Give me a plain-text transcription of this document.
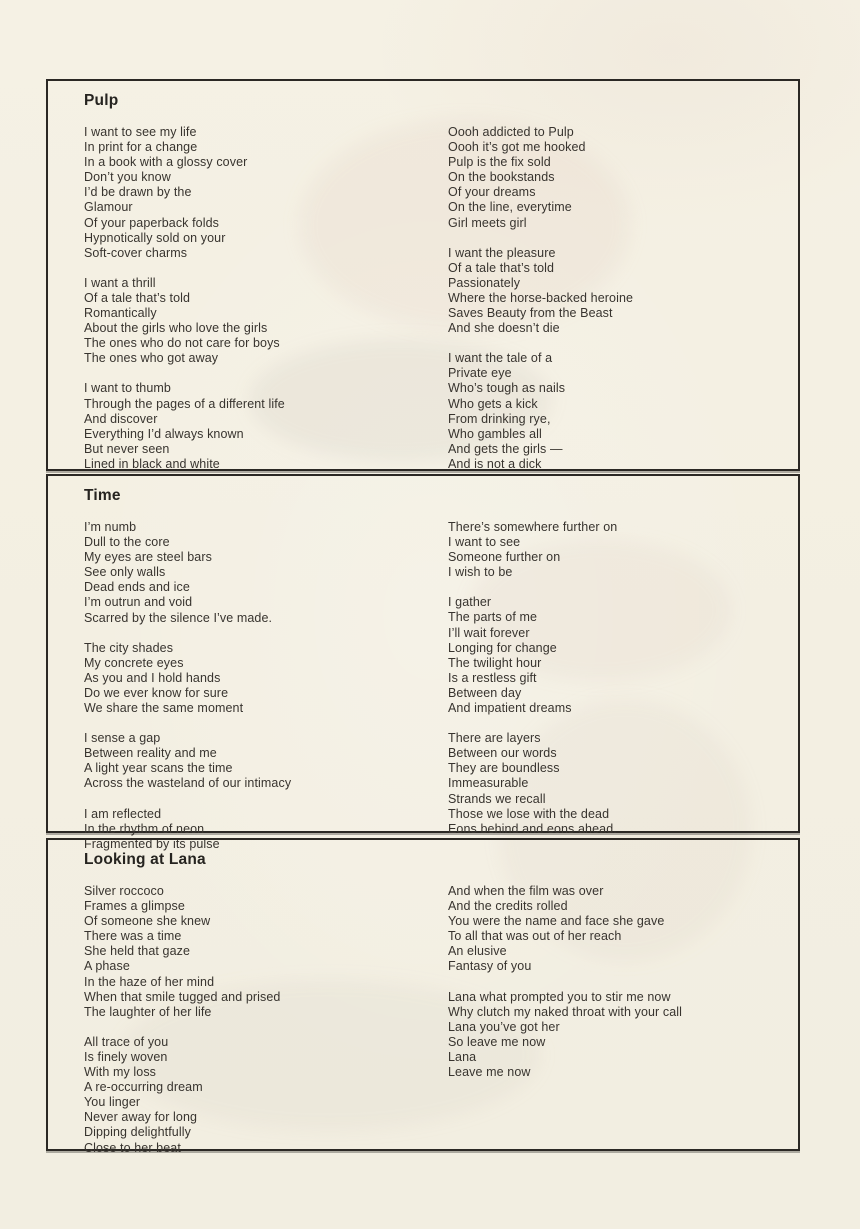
Pulp

I want to see my life
In print for a change
In a book with a glossy cover
Don’t you know
I’d be drawn by the
Glamour
Of your paperback folds
Hypnotically sold on your
Soft-cover charms

I want a thrill
Of a tale that’s told
Romantically
About the girls who love the girls
The ones who do not care for boys
The ones who got away

I want to thumb
Through the pages of a different life
And discover
Everything I’d always known
But never seen
Lined in black and white

Oooh addicted to Pulp
Oooh it’s got me hooked
Pulp is the fix sold
On the bookstands
Of your dreams
On the line, everytime
Girl meets girl

I want the pleasure
Of a tale that’s told
Passionately
Where the horse-backed heroine
Saves Beauty from the Beast
And she doesn’t die

I want the tale of a
Private eye
Who’s tough as nails
Who gets a kick
From drinking rye,
Who gambles all
And gets the girls —
And is not a dick

Time

I’m numb
Dull to the core
My eyes are steel bars
See only walls
Dead ends and ice
I’m outrun and void
Scarred by the silence I’ve made.

The city shades
My concrete eyes
As you and I hold hands
Do we ever know for sure
We share the same moment

I sense a gap
Between reality and me
A light year scans the time
Across the wasteland of our intimacy

I am reflected
In the rhythm of neon
Fragmented by its pulse

There’s somewhere further on
I want to see
Someone further on
I wish to be

I gather
The parts of me
I’ll wait forever
Longing for change
The twilight hour
Is a restless gift
Between day
And impatient dreams

There are layers
Between our words
They are boundless
Immeasurable
Strands we recall
Those we lose with the dead
Eons behind and eons ahead.

Looking at Lana

Silver roccoco
Frames a glimpse
Of someone she knew
There was a time
She held that gaze
A phase
In the haze of her mind
When that smile tugged and prised
The laughter of her life

All trace of you
Is finely woven
With my loss
A re-occurring dream
You linger
Never away for long
Dipping delightfully
Close to her beat

And when the film was over
And the credits rolled
You were the name and face she gave
To all that was out of her reach
An elusive
Fantasy of you

Lana what prompted you to stir me now
Why clutch my naked throat with your call
Lana you’ve got her
So leave me now
Lana
Leave me now
